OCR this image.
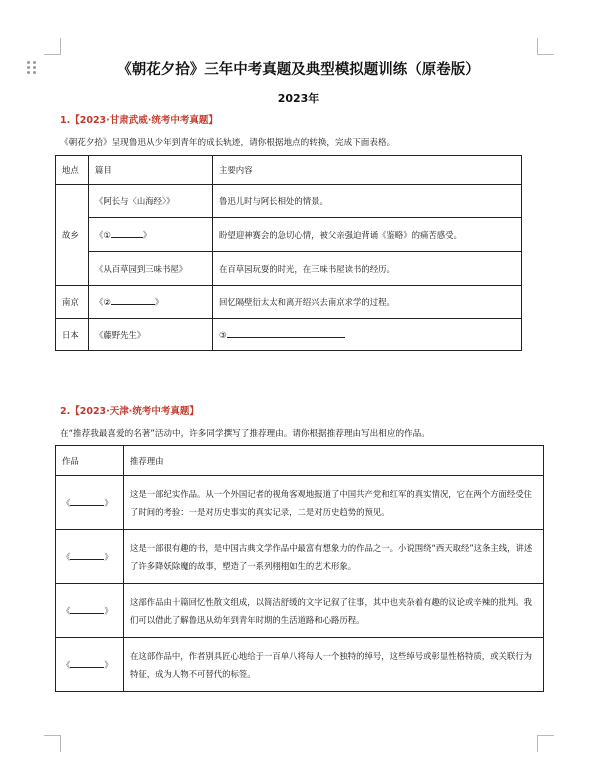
《朝花夕拾》三年中考真题及典型模拟题训练（原卷版）
2023年
1.【2023·甘肃武威·统考中考真题】
《朝花夕拾》呈现鲁迅从少年到青年的成长轨迹，请你根据地点的转换，完成下面表格。
地点	篇目	主要内容
故乡	《阿长与〈山海经〉》	鲁迅儿时与阿长相处的情景。
	《① 》	盼望迎神赛会的急切心情，被父亲强迫背诵《鉴略》的痛苦感受。
	《从百草园到三味书屋》	在百草园玩耍的时光，在三味书屋读书的经历。
南京	《② 》	回忆隔壁衍太太和离开绍兴去南京求学的过程。
日本	《藤野先生》	③
2.【2023·天津·统考中考真题】
在“推荐我最喜爱的名著”活动中，许多同学撰写了推荐理由。请你根据推荐理由写出相应的作品。
作品	推荐理由
《 》	这是一部纪实作品。从一个外国记者的视角客观地报道了中国共产党和红军的真实情况，它在两个方面经受住了时间的考验：一是对历史事实的真实记录，二是对历史趋势的预见。
《 》	这是一部很有趣的书，是中国古典文学作品中最富有想象力的作品之一。小说围绕“西天取经”这条主线，讲述了许多降妖除魔的故事，塑造了一系列栩栩如生的艺术形象。
《 》	这部作品由十篇回忆性散文组成，以简洁舒缓的文字记叙了往事，其中也夹杂着有趣的议论或辛辣的批判。我们可以借此了解鲁迅从幼年到青年时期的生活道路和心路历程。
《 》	在这部作品中，作者别具匠心地给于一百单八将每人一个独特的绰号，这些绰号或彰显性格特质，或关联行为特征，成为人物不可替代的标签。
